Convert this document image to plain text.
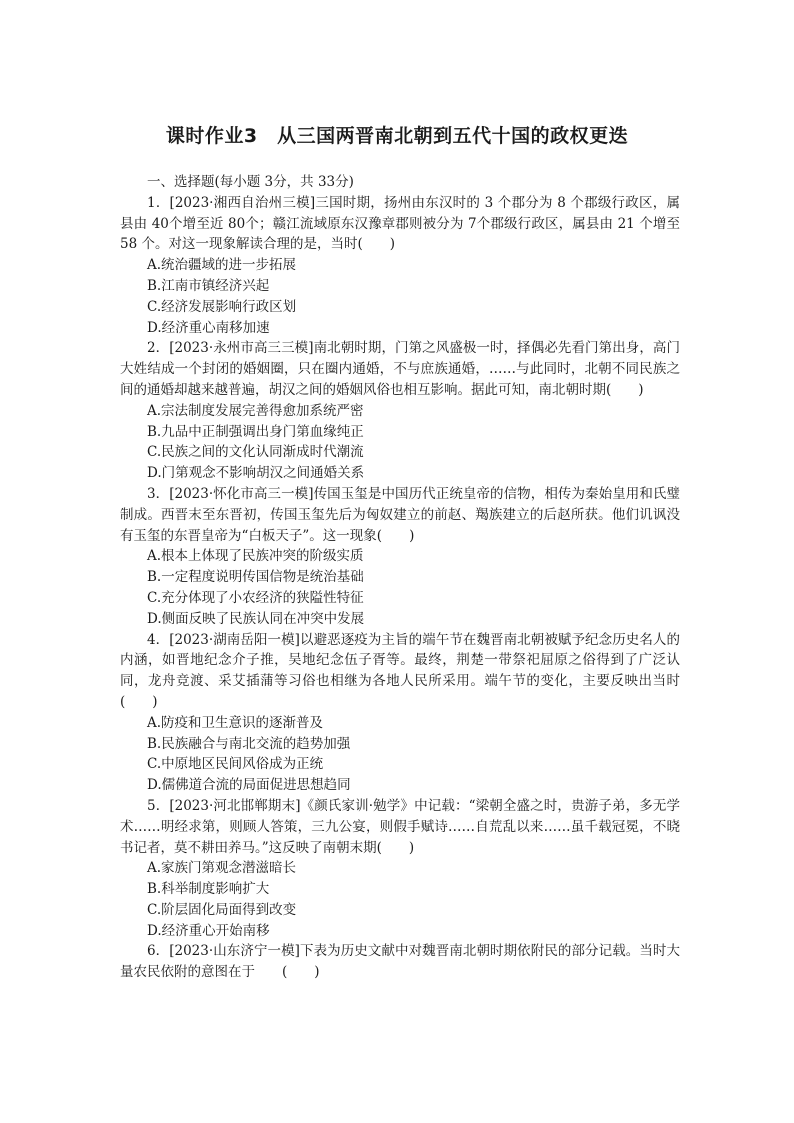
课时作业3　从三国两晋南北朝到五代十国的政权更迭
一、选择题(每小题 3分，共 33分)
1．[2023·湘西自治州三模]三国时期，扬州由东汉时的 3 个郡分为 8 个郡级行政区，属县由 40个增至近 80个；赣江流域原东汉豫章郡则被分为 7个郡级行政区，属县由 21 个增至 58 个。对这一现象解读合理的是，当时(　　)
A.统治疆域的进一步拓展
B.江南市镇经济兴起
C.经济发展影响行政区划
D.经济重心南移加速
2．[2023·永州市高三三模]南北朝时期，门第之风盛极一时，择偶必先看门第出身，高门大姓结成一个封闭的婚姻圈，只在圈内通婚，不与庶族通婚，……与此同时，北朝不同民族之间的通婚却越来越普遍，胡汉之间的婚姻风俗也相互影响。据此可知，南北朝时期(　　)
A.宗法制度发展完善得愈加系统严密
B.九品中正制强调出身门第血缘纯正
C.民族之间的文化认同渐成时代潮流
D.门第观念不影响胡汉之间通婚关系
3．[2023·怀化市高三一模]传国玉玺是中国历代正统皇帝的信物，相传为秦始皇用和氏璧制成。西晋末至东晋初，传国玉玺先后为匈奴建立的前赵、羯族建立的后赵所获。他们讥讽没有玉玺的东晋皇帝为“白板天子”。这一现象(　　)
A.根本上体现了民族冲突的阶级实质
B.一定程度说明传国信物是统治基础
C.充分体现了小农经济的狭隘性特征
D.侧面反映了民族认同在冲突中发展
4．[2023·湖南岳阳一模]以避恶逐疫为主旨的端午节在魏晋南北朝被赋予纪念历史名人的内涵，如晋地纪念介子推，吴地纪念伍子胥等。最终，荆楚一带祭祀屈原之俗得到了广泛认同，龙舟竞渡、采艾插蒲等习俗也相继为各地人民所采用。端午节的变化，主要反映出当时(　　)
A.防疫和卫生意识的逐渐普及
B.民族融合与南北交流的趋势加强
C.中原地区民间风俗成为正统
D.儒佛道合流的局面促进思想趋同
5．[2023·河北邯郸期末]《颜氏家训·勉学》中记载：“梁朝全盛之时，贵游子弟，多无学术……明经求第，则顾人答策，三九公宴，则假手赋诗……自荒乱以来……虽千载冠冕，不晓书记者，莫不耕田养马。”这反映了南朝末期(　　)
A.家族门第观念潜滋暗长
B.科举制度影响扩大
C.阶层固化局面得到改变
D.经济重心开始南移
6．[2023·山东济宁一模]下表为历史文献中对魏晋南北朝时期依附民的部分记载。当时大量农民依附的意图在于　　(　　)
